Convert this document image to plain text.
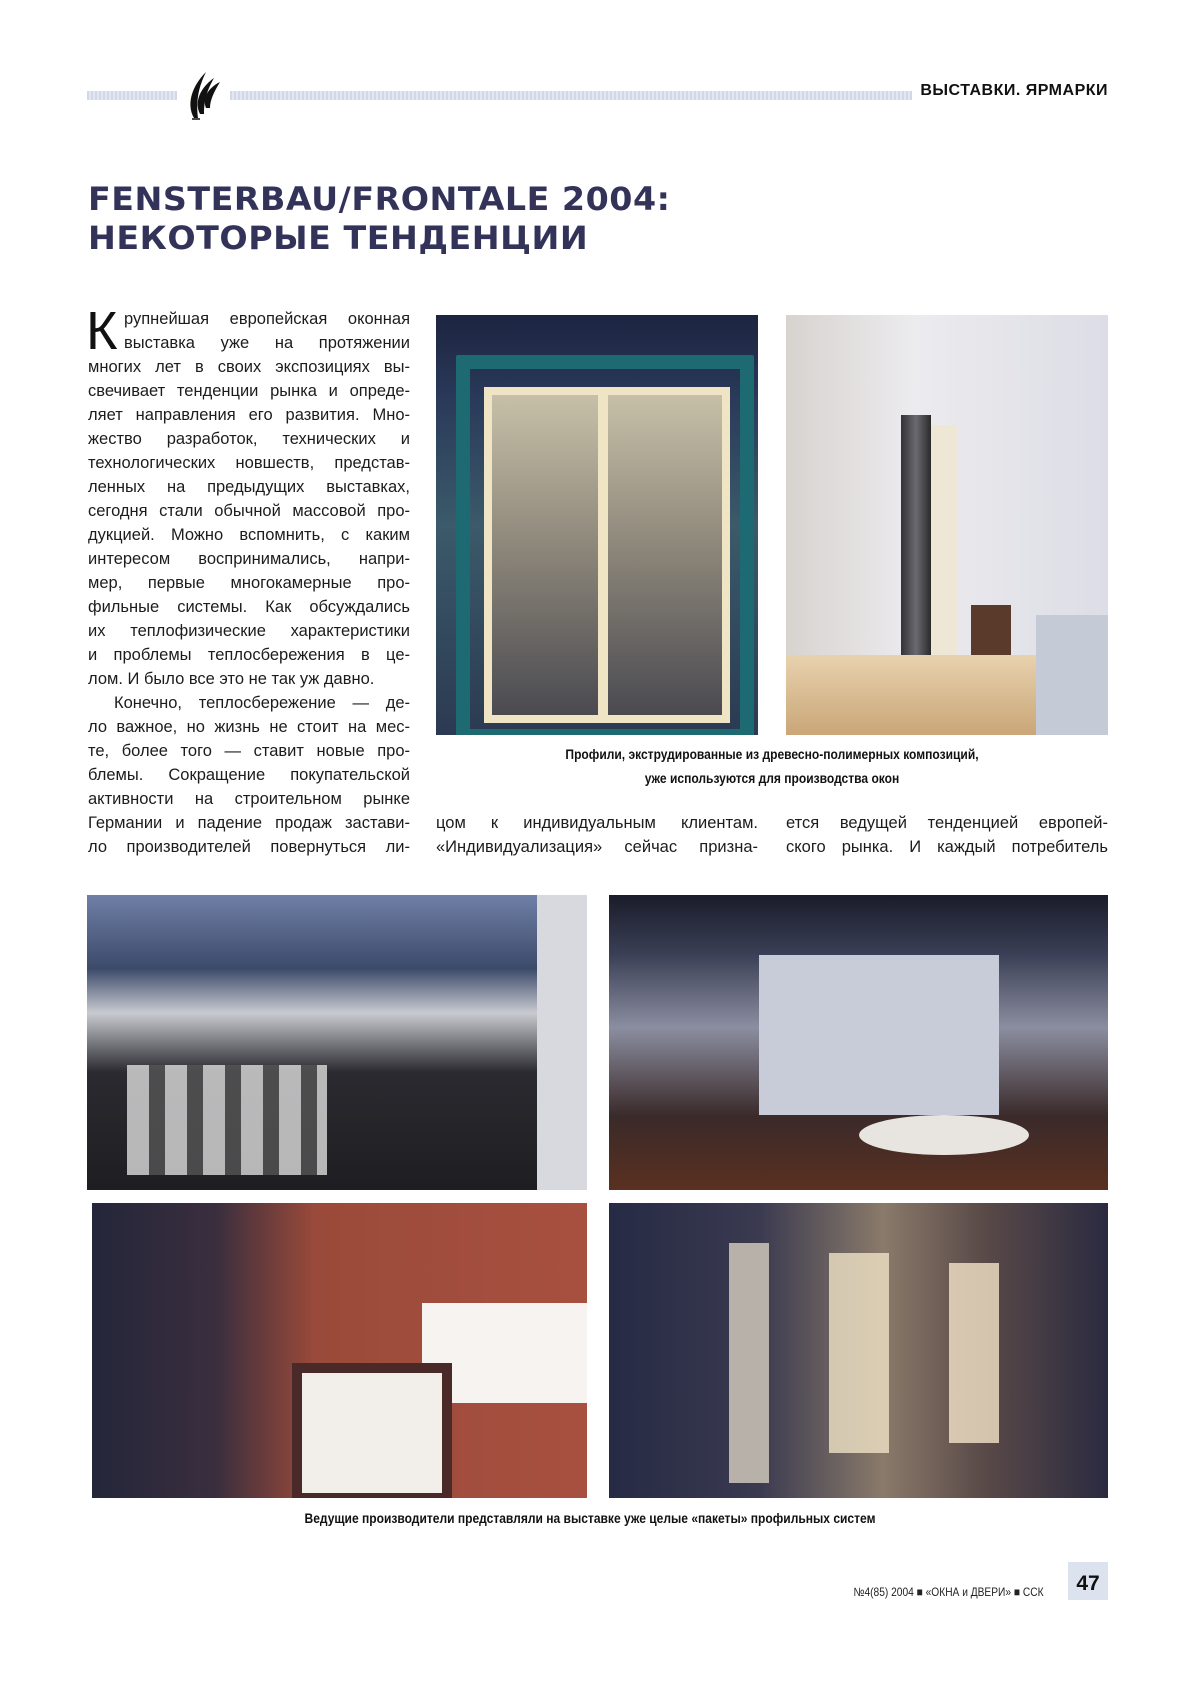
ВЫСТАВКИ. ЯРМАРКИ
FENSTERBAU/FRONTALE 2004:
НЕКОТОРЫЕ ТЕНДЕНЦИИ
К рупнейшая европейская оконная
выставка уже на протяжении
многих лет в своих экспозициях вы-
свечивает тенденции рынка и опреде-
ляет направления его развития. Мно-
жество разработок, технических и
технологических новшеств, представ-
ленных на предыдущих выставках,
сегодня стали обычной массовой про-
дукцией. Можно вспомнить, с каким
интересом воспринимались, напри-
мер, первые многокамерные про-
фильные системы. Как обсуждались
их теплофизические характеристики
и проблемы теплосбережения в це-
лом. И было все это не так уж давно.
Конечно, теплосбережение — де-
ло важное, но жизнь не стоит на мес-
те, более того — ставит новые про-
блемы. Сокращение покупательской
активности на строительном рынке
Германии и падение продаж застави-
ло производителей повернуться ли-
цом к индивидуальным клиентам.
«Индивидуализация» сейчас призна-
ется ведущей тенденцией европей-
ского рынка. И каждый потребитель
Профили, экструдированные из древесно-полимерных композиций,
уже используются для производства окон
Ведущие производители представляли на выставке уже целые «пакеты» профильных систем
№4(85) 2004 ■ «ОКНА и ДВЕРИ» ■ ССК	47
